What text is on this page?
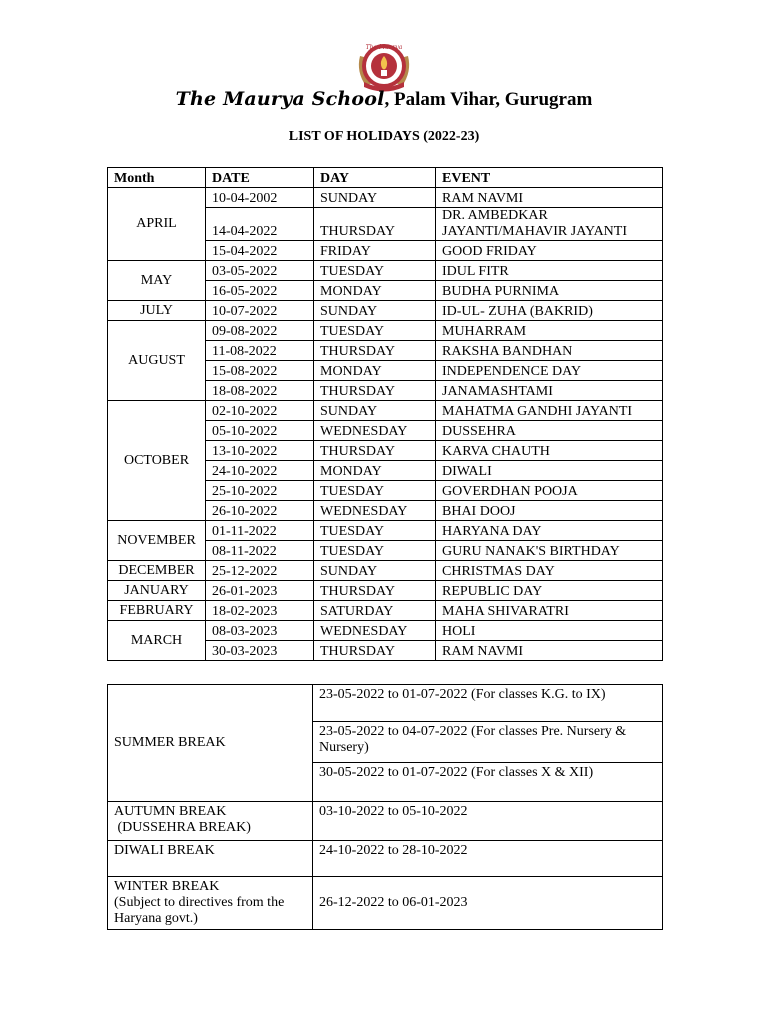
The Maurya
The Maurya School, Palam Vihar, Gurugram
LIST OF HOLIDAYS (2022-23)
Month	DATE	DAY	EVENT
APRIL	10-04-2002	SUNDAY	RAM NAVMI
	14-04-2022	THURSDAY	DR. AMBEDKAR JAYANTI/MAHAVIR JAYANTI
	15-04-2022	FRIDAY	GOOD FRIDAY
MAY	03-05-2022	TUESDAY	IDUL FITR
	16-05-2022	MONDAY	BUDHA PURNIMA
JULY	10-07-2022	SUNDAY	ID-UL- ZUHA (BAKRID)
AUGUST	09-08-2022	TUESDAY	MUHARRAM
	11-08-2022	THURSDAY	RAKSHA BANDHAN
	15-08-2022	MONDAY	INDEPENDENCE DAY
	18-08-2022	THURSDAY	JANAMASHTAMI
OCTOBER	02-10-2022	SUNDAY	MAHATMA GANDHI JAYANTI
	05-10-2022	WEDNESDAY	DUSSEHRA
	13-10-2022	THURSDAY	KARVA CHAUTH
	24-10-2022	MONDAY	DIWALI
	25-10-2022	TUESDAY	GOVERDHAN POOJA
	26-10-2022	WEDNESDAY	BHAI DOOJ
NOVEMBER	01-11-2022	TUESDAY	HARYANA DAY
	08-11-2022	TUESDAY	GURU NANAK'S BIRTHDAY
DECEMBER	25-12-2022	SUNDAY	CHRISTMAS DAY
JANUARY	26-01-2023	THURSDAY	REPUBLIC DAY
FEBRUARY	18-02-2023	SATURDAY	MAHA SHIVARATRI
MARCH	08-03-2023	WEDNESDAY	HOLI
	30-03-2023	THURSDAY	RAM NAVMI
SUMMER BREAK	23-05-2022 to 01-07-2022 (For classes K.G. to IX)
	23-05-2022 to 04-07-2022 (For classes Pre. Nursery & Nursery)
	30-05-2022 to 01-07-2022 (For classes X & XII)
AUTUMN BREAK
(DUSSEHRA BREAK)	03-10-2022 to 05-10-2022
DIWALI BREAK	24-10-2022 to 28-10-2022
WINTER BREAK
(Subject to directives from the Haryana govt.)	26-12-2022 to 06-01-2023
